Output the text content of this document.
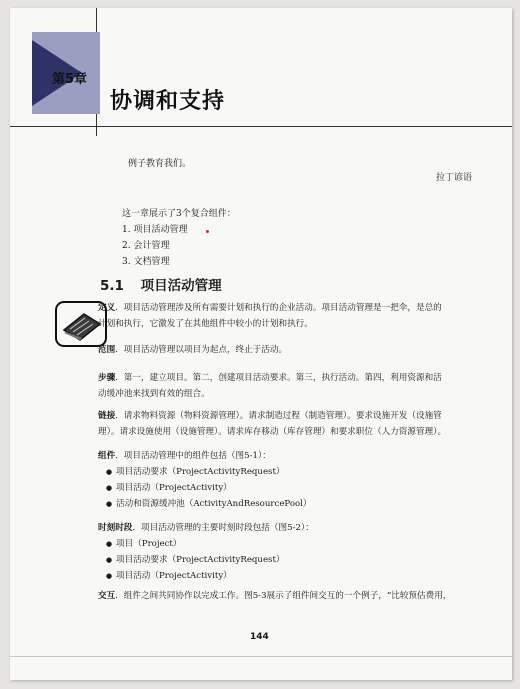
第5章
协调和支持
例子教育我们。
拉丁谚语
这一章展示了3个复合组件：
1. 项目活动管理
2. 会计管理
3. 文档管理
5.1 项目活动管理
定义．项目活动管理涉及所有需要计划和执行的企业活动。项目活动管理是一把伞，是总的
计划和执行，它激发了在其他组件中较小的计划和执行。
范围．项目活动管理以项目为起点，终止于活动。
步骤．第一，建立项目。第二，创建项目活动要求。第三，执行活动。第四，利用资源和活
动缓冲池来找到有效的组合。
链接．请求物料资源（物料资源管理）。请求制造过程（制造管理）。要求设施开发（设施管
理）。请求设施使用（设施管理）。请求库存移动（库存管理）和要求职位（人力资源管理）。
组件．项目活动管理中的组件包括（图5-1）：
● 项目活动要求（ProjectActivityRequest）
● 项目活动（ProjectActivity）
● 活动和资源缓冲池（ActivityAndResourcePool）
时刻时段．项目活动管理的主要时刻时段包括（图5-2）：
● 项目（Project）
● 项目活动要求（ProjectActivityRequest）
● 项目活动（ProjectActivity）
交互．组件之间共同协作以完成工作。图5-3展示了组件间交互的一个例子，“比较预估费用，
144
